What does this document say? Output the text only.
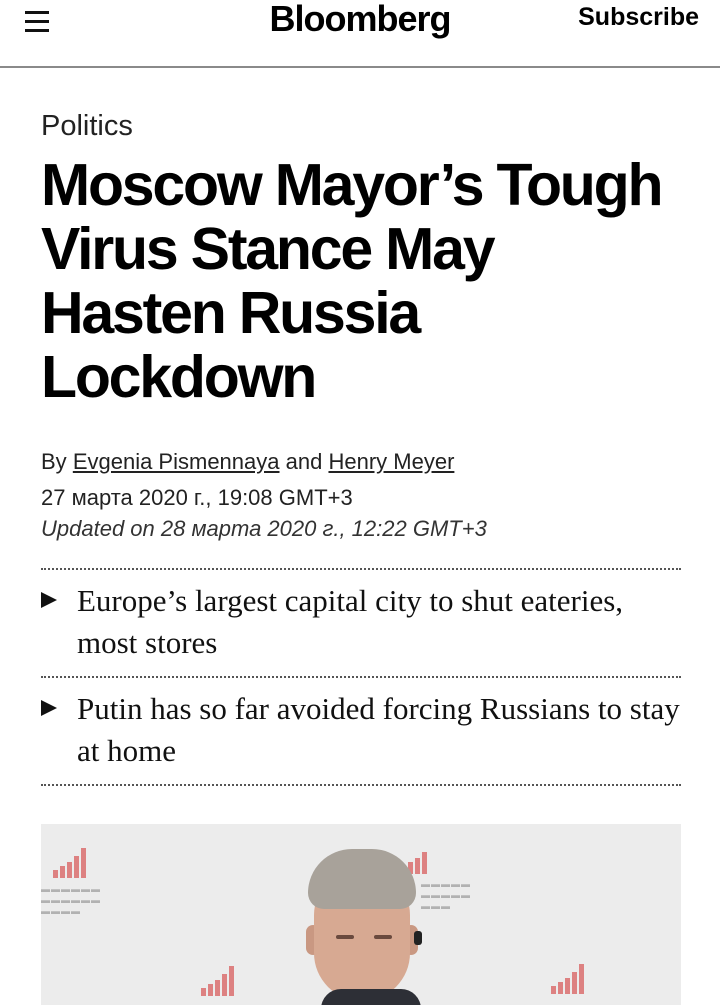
Bloomberg	Subscribe
Politics
Moscow Mayor’s Tough Virus Stance May Hasten Russia Lockdown
By Evgenia Pismennaya and Henry Meyer
27 марта 2020 г., 19:08 GMT+3
Updated on 28 марта 2020 г., 12:22 GMT+3
Europe’s largest capital city to shut eateries, most stores
Putin has so far avoided forcing Russians to stay at home
▬▬▬▬▬▬
▬▬▬▬▬▬
▬▬▬▬
▬▬▬▬▬
▬▬▬▬▬
▬▬▬
